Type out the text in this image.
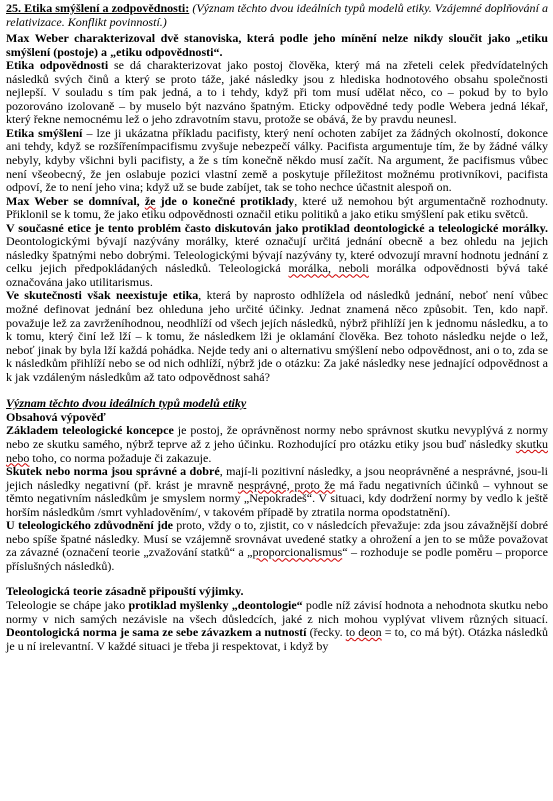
25. Etika smýšlení a zodpovědnosti: (Význam těchto dvou ideálních typů modelů etiky. Vzájemné doplňování a relativizace. Konflikt povinností.)

Max Weber charakterizoval dvě stanoviska, která podle jeho mínění nelze nikdy sloučit jako „etiku smýšlení (postoje) a „etiku odpovědnosti“.

Etika odpovědnosti se dá charakterizovat jako postoj člověka, který má na zřeteli celek předvídatelných následků svých činů a který se proto táže, jaké následky jsou z hlediska hodnotového obsahu společnosti nejlepší. V souladu s tím pak jedná, a to i tehdy, když při tom musí udělat něco, co – pokud by to bylo pozorováno izolovaně – by muselo být nazváno špatným. Eticky odpovědné tedy podle Webera jedná lékař, který řekne nemocnému lež o jeho zdravotním stavu, protože se obává, že by pravdu neunesl.

Etika smýšlení – lze ji ukázatna příkladu pacifisty, který není ochoten zabíjet za žádných okolností, dokonce ani tehdy, když se rozšířenímpacifismu zvyšuje nebezpečí války. Pacifista argumentuje tím, že by žádné války nebyly, kdyby všichni byli pacifisty, a že s tím konečně někdo musí začít. Na argument, že pacifismus vůbec není všeobecný, že jen oslabuje pozici vlastní země a poskytuje příležitost možnému protivníkovi, pacifista odpoví, že to není jeho vina; když už se bude zabíjet, tak se toho nechce účastnit alespoň on.

Max Weber se domníval, že jde o konečné protiklady, které už nemohou být argumentačně rozhodnuty. Přiklonil se k tomu, že jako etiku odpovědnosti označil etiku politiků a jako etiku smýšlení pak etiku světců.

V současné etice je tento problém často diskutován jako protiklad deontologické a teleologické morálky. Deontologickými bývají nazývány morálky, které označují určitá jednání obecně a bez ohledu na jejich následky špatnými nebo dobrými. Teleologickými bývají nazývány ty, které odvozují mravní hodnotu jednání z celku jejich předpokládaných následků. Teleologická morálka, neboli morálka odpovědnosti bývá také označována jako utilitarismus.

Ve skutečnosti však neexistuje etika, která by naprosto odhlížela od následků jednání, neboť není vůbec možné definovat jednání bez ohleduna jeho určité účinky. Jednat znamená něco způsobit. Ten, kdo např. považuje lež za zavrženíhodnou, neodhlíží od všech jejích následků, nýbrž přihlíží jen k jednomu následku, a to k tomu, který činí lež lží – k tomu, že následkem lži je oklamání člověka. Bez tohoto následku nejde o lež, neboť jinak by byla lží každá pohádka. Nejde tedy ani o alternativu smýšlení nebo odpovědnost, ani o to, zda se k následkům přihlíží nebo se od nich odhlíží, nýbrž jde o otázku: Za jaké následky nese jednající odpovědnost a k jak vzdáleným následkům až tato odpovědnost sahá?

Význam těchto dvou ideálních typů modelů etiky

Obsahová výpověď

Základem teleologické koncepce je postoj, že oprávněnost normy nebo správnost skutku nevyplývá z normy nebo ze skutku samého, nýbrž teprve až z jeho účinku. Rozhodující pro otázku etiky jsou buď následky skutku nebo toho, co norma požaduje či zakazuje.

Skutek nebo norma jsou správné a dobré, mají-li pozitivní následky, a jsou neoprávněné a nesprávné, jsou-li jejich následky negativní (př. krást je mravně nesprávné, proto že má řadu negativních účinků – vyhnout se těmto negativním následkům je smyslem normy „Nepokradeš“. V situaci, kdy dodržení normy by vedlo k ještě horším následkům /smrt vyhladověním/, v takovém případě by ztratila norma opodstatnění).

U teleologického zdůvodnění jde proto, vždy o to, zjistit, co v následcích převažuje: zda jsou závažnější dobré nebo spíše špatné následky. Musí se vzájemně srovnávat uvedené statky a ohrožení a jen to se může považovat za závazné (označení teorie „zvažování statků“ a „proporcionalismus“ – rozhoduje se podle poměru – proporce příslušných následků).

Teleologická teorie zásadně připouští výjimky.

Teleologie se chápe jako protiklad myšlenky „deontologie“ podle níž závisí hodnota a nehodnota skutku nebo normy v nich samých nezávisle na všech důsledcích, jaké z nich mohou vyplývat vlivem různých situací. Deontologická norma je sama ze sebe závazkem a nutností (řecky. to deon = to, co má být). Otázka následků je u ní irelevantní. V každé situaci je třeba ji respektovat, i když by
